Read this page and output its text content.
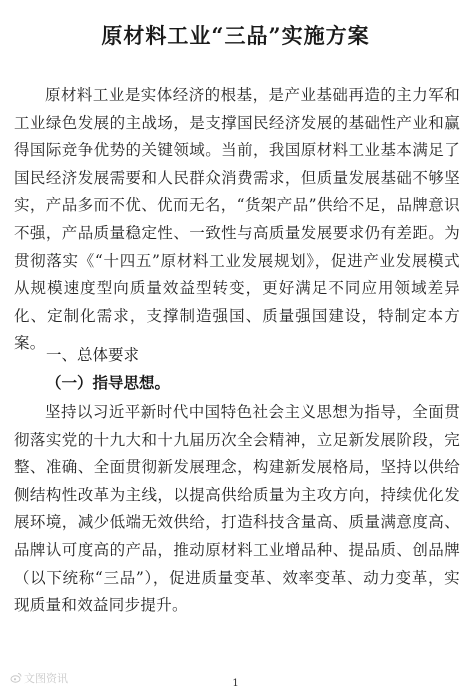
原材料工业“三品”实施方案
原材料工业是实体经济的根基，是产业基础再造的主力军和工业绿色发展的主战场，是支撑国民经济发展的基础性产业和赢得国际竞争优势的关键领域。当前，我国原材料工业基本满足了国民经济发展需要和人民群众消费需求，但质量发展基础不够坚实，产品多而不优、优而无名，“货架产品”供给不足，品牌意识不强，产品质量稳定性、一致性与高质量发展要求仍有差距。为贯彻落实《“十四五”原材料工业发展规划》，促进产业发展模式从规模速度型向质量效益型转变，更好满足不同应用领域差异化、定制化需求，支撑制造强国、质量强国建设，特制定本方案。
一、总体要求
（一）指导思想。
坚持以习近平新时代中国特色社会主义思想为指导，全面贯彻落实党的十九大和十九届历次全会精神，立足新发展阶段，完整、准确、全面贯彻新发展理念，构建新发展格局，坚持以供给侧结构性改革为主线，以提高供给质量为主攻方向，持续优化发展环境，减少低端无效供给，打造科技含量高、质量满意度高、品牌认可度高的产品，推动原材料工业增品种、提品质、创品牌（以下统称“三品”），促进质量变革、效率变革、动力变革，实现质量和效益同步提升。
文图资讯	1
